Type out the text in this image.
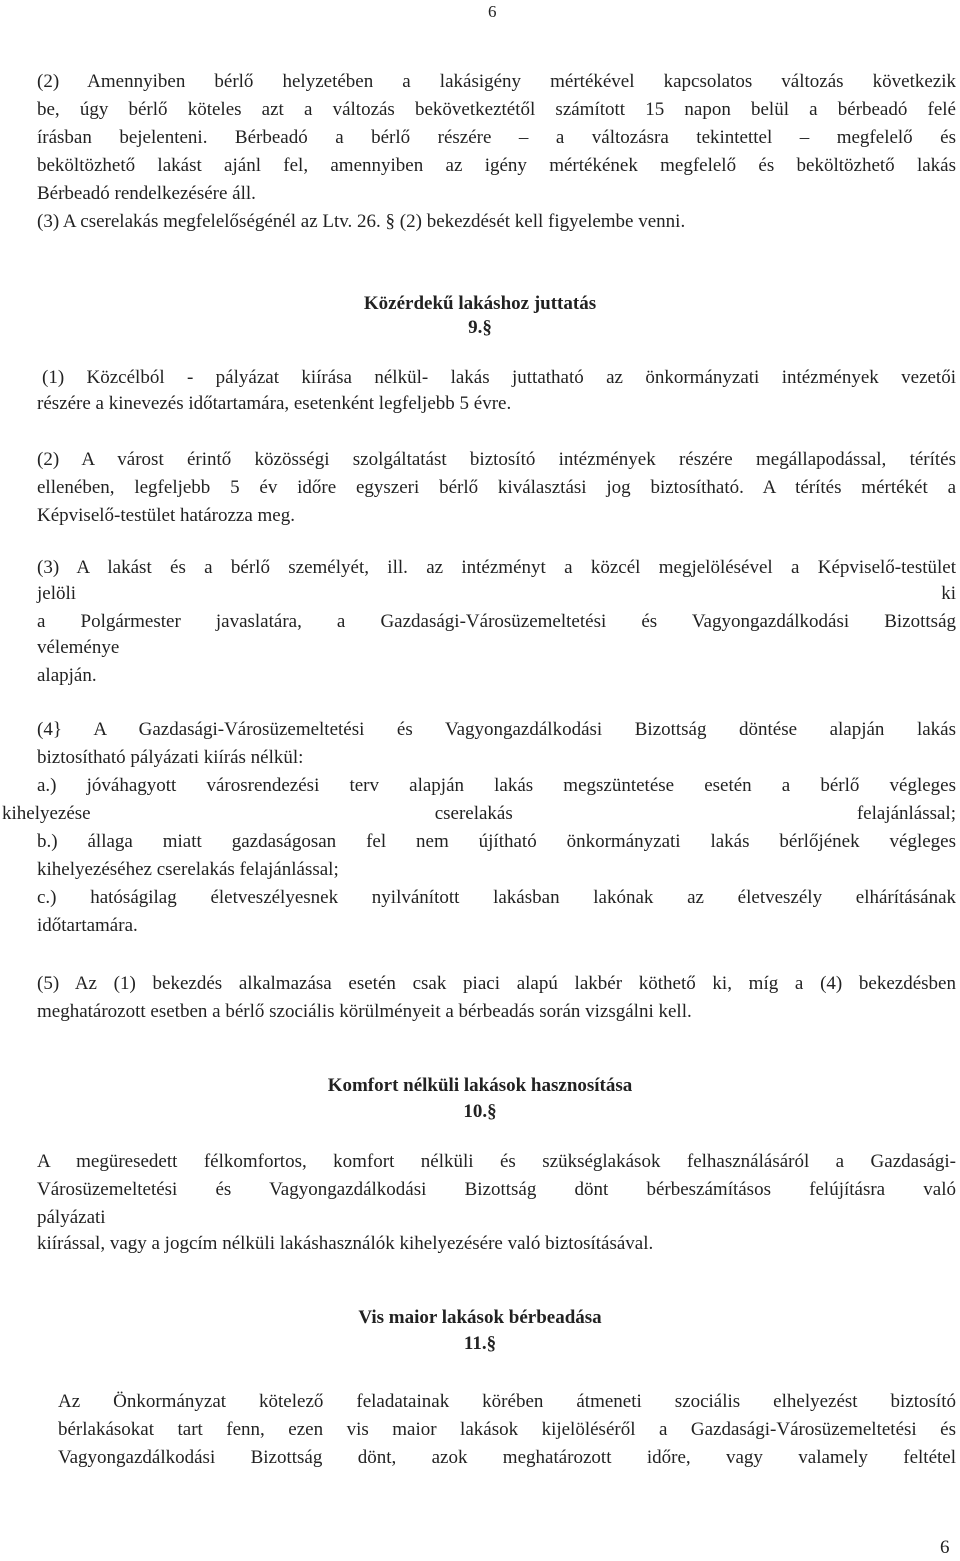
6
(2) Amennyiben bérlő helyzetében a lakásigény mértékével kapcsolatos változás következik
be, úgy bérlő köteles azt a változás bekövetkeztétől számított 15 napon belül a bérbeadó felé
írásban bejelenteni. Bérbeadó a bérlő részére – a változásra tekintettel – megfelelő és
beköltözhető lakást ajánl fel, amennyiben az igény mértékének megfelelő és beköltözhető lakás
Bérbeadó rendelkezésére áll.
(3) A cserelakás megfelelőségénél az Ltv. 26. § (2) bekezdését kell figyelembe venni.
Közérdekű lakáshoz juttatás
9.§
(1) Közcélból - pályázat kiírása nélkül- lakás juttatható az önkormányzati intézmények vezetői
részére a kinevezés időtartamára, esetenként legfeljebb 5 évre.
(2) A várost érintő közösségi szolgáltatást biztosító intézmények részére megállapodással, térítés
ellenében, legfeljebb 5 év időre egyszeri bérlő kiválasztási jog biztosítható. A térítés mértékét a
Képviselő-testület határozza meg.
(3) A lakást és a bérlő személyét, ill. az intézményt a közcél megjelölésével a Képviselő-testület
jelöli ki
a Polgármester javaslatára, a Gazdasági-Városüzemeltetési és Vagyongazdálkodási Bizottság
véleménye
alapján.
(4} A Gazdasági-Városüzemeltetési és Vagyongazdálkodási Bizottság döntése alapján lakás
biztosítható pályázati kiírás nélkül:
a.) jóváhagyott városrendezési terv alapján lakás megszüntetése esetén a bérlő végleges
kihelyezése cserelakás felajánlással;
b.) állaga miatt gazdaságosan fel nem újítható önkormányzati lakás bérlőjének végleges
kihelyezéséhez cserelakás felajánlással;
c.) hatóságilag életveszélyesnek nyilvánított lakásban lakónak az életveszély elhárításának
időtartamára.
(5) Az (1) bekezdés alkalmazása esetén csak piaci alapú lakbér köthető ki, míg a (4) bekezdésben
meghatározott esetben a bérlő szociális körülményeit a bérbeadás során vizsgálni kell.
Komfort nélküli lakások hasznosítása
10.§
A megüresedett félkomfortos, komfort nélküli és szükséglakások felhasználásáról a Gazdasági-
Városüzemeltetési és Vagyongazdálkodási Bizottság dönt bérbeszámításos felújításra való
pályázati
kiírással, vagy a jogcím nélküli lakáshasználók kihelyezésére való biztosításával.
Vis maior lakások bérbeadása
11.§
Az Önkormányzat kötelező feladatainak körében átmeneti szociális elhelyezést biztosító
bérlakásokat tart fenn, ezen vis maior lakások kijelöléséről a Gazdasági-Városüzemeltetési és
Vagyongazdálkodási Bizottság dönt, azok meghatározott időre, vagy valamely feltétel
6
